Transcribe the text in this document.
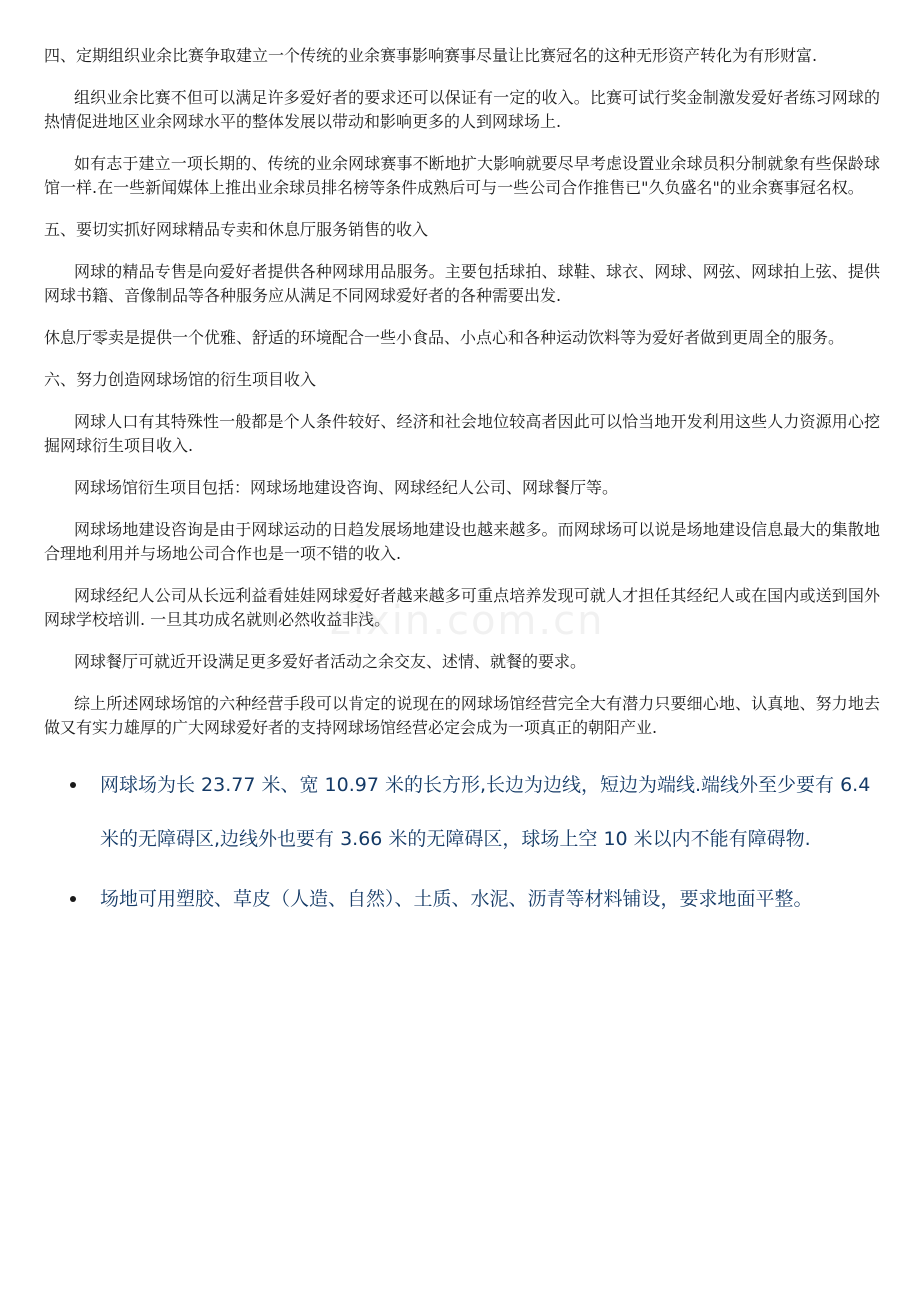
四、定期组织业余比赛争取建立一个传统的业余赛事影响赛事尽量让比赛冠名的这种无形资产转化为有形财富.

组织业余比赛不但可以满足许多爱好者的要求还可以保证有一定的收入。比赛可试行奖金制激发爱好者练习网球的热情促进地区业余网球水平的整体发展以带动和影响更多的人到网球场上.

如有志于建立一项长期的、传统的业余网球赛事不断地扩大影响就要尽早考虑设置业余球员积分制就象有些保龄球馆一样.在一些新闻媒体上推出业余球员排名榜等条件成熟后可与一些公司合作推售已"久负盛名"的业余赛事冠名权。

五、要切实抓好网球精品专卖和休息厅服务销售的收入

网球的精品专售是向爱好者提供各种网球用品服务。主要包括球拍、球鞋、球衣、网球、网弦、网球拍上弦、提供网球书籍、音像制品等各种服务应从满足不同网球爱好者的各种需要出发.

休息厅零卖是提供一个优雅、舒适的环境配合一些小食品、小点心和各种运动饮料等为爱好者做到更周全的服务。

六、努力创造网球场馆的衍生项目收入

网球人口有其特殊性一般都是个人条件较好、经济和社会地位较高者因此可以恰当地开发利用这些人力资源用心挖掘网球衍生项目收入.

网球场馆衍生项目包括：网球场地建设咨询、网球经纪人公司、网球餐厅等。

网球场地建设咨询是由于网球运动的日趋发展场地建设也越来越多。而网球场可以说是场地建设信息最大的集散地合理地利用并与场地公司合作也是一项不错的收入.

网球经纪人公司从长远利益看娃娃网球爱好者越来越多可重点培养发现可就人才担任其经纪人或在国内或送到国外网球学校培训. 一旦其功成名就则必然收益非浅。

网球餐厅可就近开设满足更多爱好者活动之余交友、述情、就餐的要求。

综上所述网球场馆的六种经营手段可以肯定的说现在的网球场馆经营完全大有潜力只要细心地、认真地、努力地去做又有实力雄厚的广大网球爱好者的支持网球场馆经营必定会成为一项真正的朝阳产业.

网球场为长 23.77 米、宽 10.97 米的长方形,长边为边线，短边为端线.端线外至少要有 6.4 米的无障碍区,边线外也要有 3.66 米的无障碍区，球场上空 10 米以内不能有障碍物.
场地可用塑胶、草皮（人造、自然）、土质、水泥、沥青等材料铺设，要求地面平整。
zixin.com.cn
